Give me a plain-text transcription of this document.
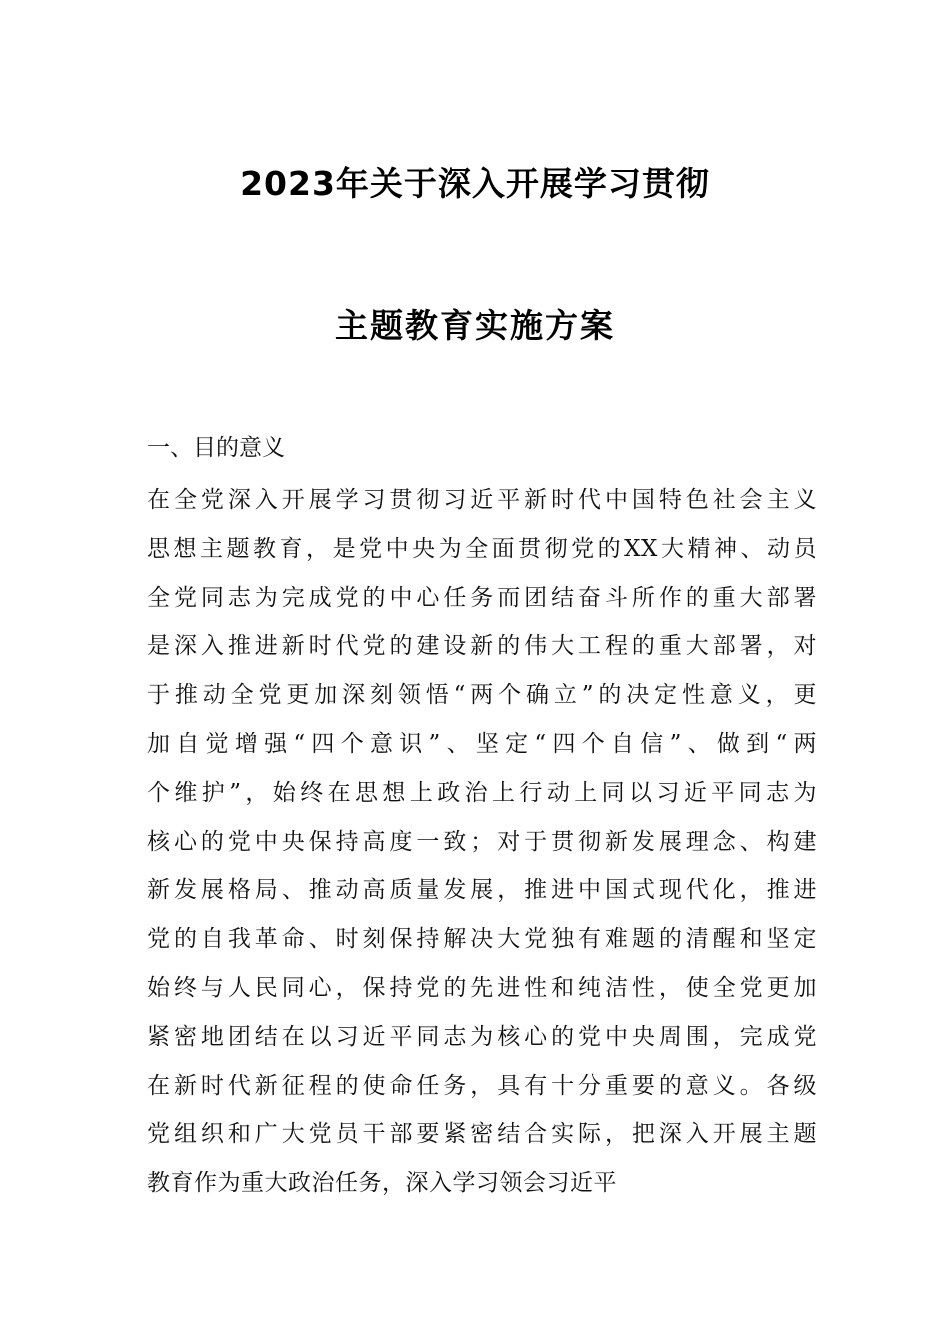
2023年关于深入开展学习贯彻
主题教育实施方案
一、目的意义
在全党深入开展学习贯彻习近平新时代中国特色社会主义
思想主题教育，是党中央为全面贯彻党的XX大精神、动员
全党同志为完成党的中心任务而团结奋斗所作的重大部署
是深入推进新时代党的建设新的伟大工程的重大部署，对
于推动全党更加深刻领悟“两个确立”的决定性意义，更
加自觉增强“四个意识”、坚定“四个自信”、做到“两
个维护”，始终在思想上政治上行动上同以习近平同志为
核心的党中央保持高度一致；对于贯彻新发展理念、构建
新发展格局、推动高质量发展，推进中国式现代化，推进
党的自我革命、时刻保持解决大党独有难题的清醒和坚定
始终与人民同心，保持党的先进性和纯洁性，使全党更加
紧密地团结在以习近平同志为核心的党中央周围，完成党
在新时代新征程的使命任务，具有十分重要的意义。各级
党组织和广大党员干部要紧密结合实际，把深入开展主题
教育作为重大政治任务，深入学习领会习近平
